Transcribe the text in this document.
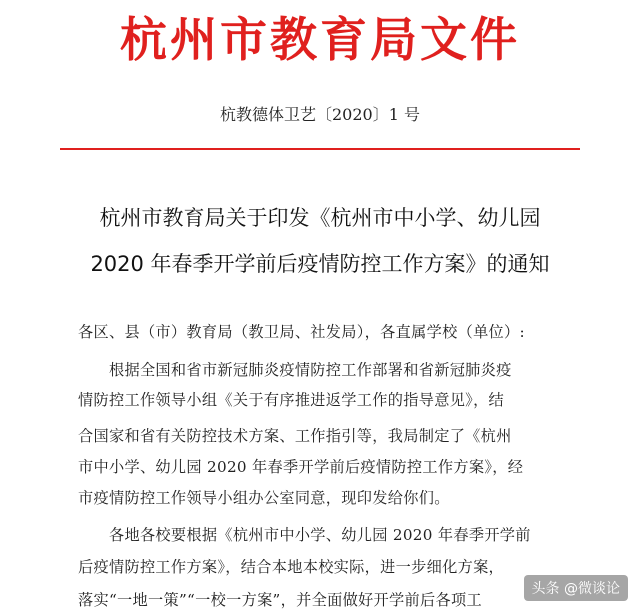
杭州市教育局文件
杭教德体卫艺〔2020〕1 号
杭州市教育局关于印发《杭州市中小学、幼儿园
2020 年春季开学前后疫情防控工作方案》的通知
各区、县（市）教育局（教卫局、社发局），各直属学校（单位）:
　　根据全国和省市新冠肺炎疫情防控工作部署和省新冠肺炎疫
情防控工作领导小组《关于有序推进返学工作的指导意见》，结
合国家和省有关防控技术方案、工作指引等，我局制定了《杭州
市中小学、幼儿园 2020 年春季开学前后疫情防控工作方案》，经
市疫情防控工作领导小组办公室同意，现印发给你们。
　　各地各校要根据《杭州市中小学、幼儿园 2020 年春季开学前
后疫情防控工作方案》，结合本地本校实际，进一步细化方案，
落实“一地一策”“一校一方案”，并全面做好开学前后各项工
头条 @微谈论
